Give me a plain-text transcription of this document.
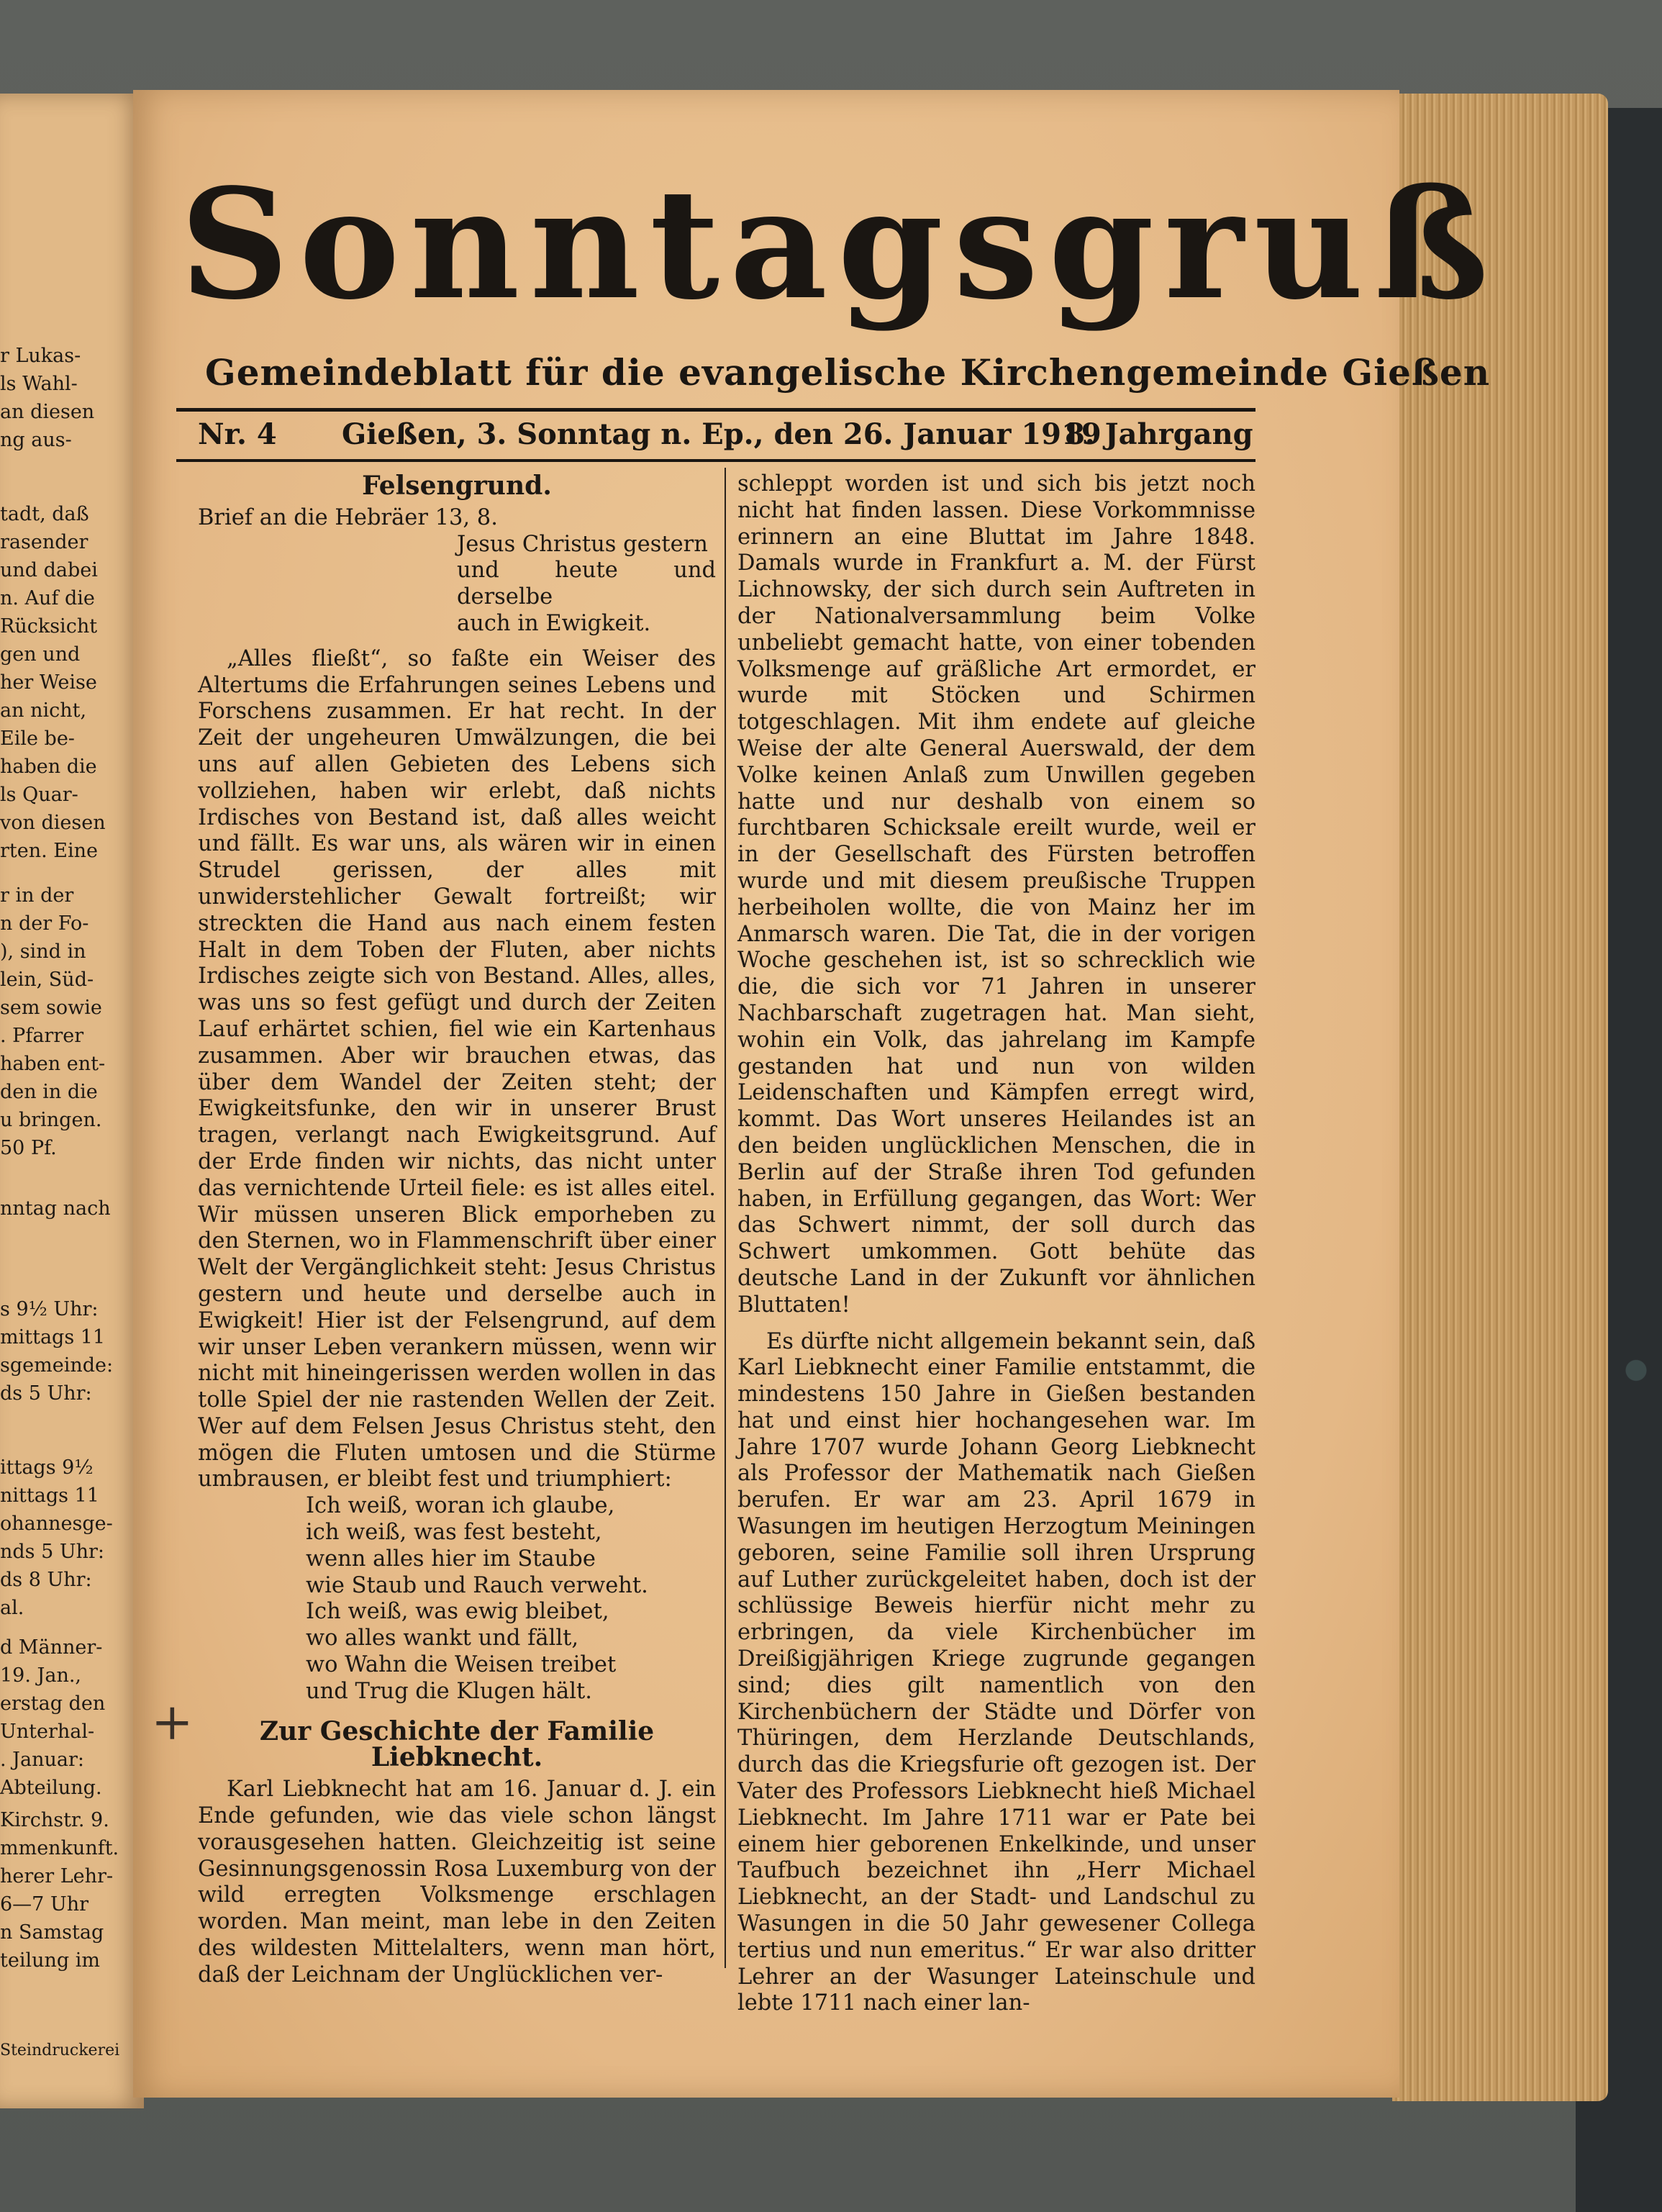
r Lukas-
ls Wahl-
an diesen
ng aus-
tadt, daß
rasender
und dabei
n. Auf die
Rücksicht
gen und
her Weise
an nicht,
Eile be-
haben die
ls Quar-
von diesen
rten. Eine
r in der
n der Fo-
), sind in
lein, Süd-
sem sowie
. Pfarrer
haben ent-
den in die
u bringen.
50 Pf.
nntag nach
s 9½ Uhr:
mittags 11
sgemeinde:
ds 5 Uhr:
ittags 9½
nittags 11
ohannesge-
nds 5 Uhr:
ds 8 Uhr:
al.
d Männer-
19. Jan.,
erstag den
Unterhal-
. Januar:
Abteilung.
Kirchstr. 9.
mmenkunft.
herer Lehr-
6—7 Uhr
n Samstag
teilung im
Steindruckerei
Sonntagsgruß
Gemeindeblatt für die evangelische Kirchengemeinde Gießen
Nr. 4 Gießen, 3. Sonntag n. Ep., den 26. Januar 1919
8. Jahrgang
Felsengrund.

Brief an die Hebräer 13, 8.

Jesus Christus gestern

und heute und derselbe

auch in Ewigkeit.

„Alles fließt“, so faßte ein Weiser des Altertums die Erfahrungen seines Lebens und Forschens zusammen. Er hat recht. In der Zeit der ungeheuren Umwälzungen, die bei uns auf allen Gebieten des Lebens sich vollziehen, haben wir erlebt, daß nichts Irdisches von Bestand ist, daß alles weicht und fällt. Es war uns, als wären wir in einen Strudel gerissen, der alles mit unwiderstehlicher Gewalt fortreißt; wir streckten die Hand aus nach einem festen Halt in dem Toben der Fluten, aber nichts Irdisches zeigte sich von Bestand. Alles, alles, was uns so fest gefügt und durch der Zeiten Lauf erhärtet schien, fiel wie ein Kartenhaus zusammen. Aber wir brauchen etwas, das über dem Wandel der Zeiten steht; der Ewigkeitsfunke, den wir in unserer Brust tragen, verlangt nach Ewigkeitsgrund. Auf der Erde finden wir nichts, das nicht unter das vernichtende Urteil fiele: es ist alles eitel. Wir müssen unseren Blick emporheben zu den Sternen, wo in Flammenschrift über einer Welt der Vergänglichkeit steht: Jesus Christus gestern und heute und derselbe auch in Ewigkeit! Hier ist der Felsengrund, auf dem wir unser Leben verankern müssen, wenn wir nicht mit hineingerissen werden wollen in das tolle Spiel der nie rastenden Wellen der Zeit. Wer auf dem Felsen Jesus Christus steht, den mögen die Fluten umtosen und die Stürme umbrausen, er bleibt fest und triumphiert:

Ich weiß, woran ich glaube,

ich weiß, was fest besteht,

wenn alles hier im Staube

wie Staub und Rauch verweht.

Ich weiß, was ewig bleibet,

wo alles wankt und fällt,

wo Wahn die Weisen treibet

und Trug die Klugen hält.

Zur Geschichte der Familie Liebknecht.

Karl Liebknecht hat am 16. Januar d. J. ein Ende gefunden, wie das viele schon längst vorausgesehen hatten. Gleichzeitig ist seine Gesinnungsgenossin Rosa Luxemburg von der wild erregten Volksmenge erschlagen worden. Man meint, man lebe in den Zeiten des wildesten Mittelalters, wenn man hört, daß der Leichnam der Unglücklichen ver-

+

schleppt worden ist und sich bis jetzt noch nicht hat finden lassen. Diese Vorkommnisse erinnern an eine Bluttat im Jahre 1848. Damals wurde in Frankfurt a. M. der Fürst Lichnowsky, der sich durch sein Auftreten in der Nationalversammlung beim Volke unbeliebt gemacht hatte, von einer tobenden Volksmenge auf gräßliche Art ermordet, er wurde mit Stöcken und Schirmen totgeschlagen. Mit ihm endete auf gleiche Weise der alte General Auerswald, der dem Volke keinen Anlaß zum Unwillen gegeben hatte und nur deshalb von einem so furchtbaren Schicksale ereilt wurde, weil er in der Gesellschaft des Fürsten betroffen wurde und mit diesem preußische Truppen herbeiholen wollte, die von Mainz her im Anmarsch waren. Die Tat, die in der vorigen Woche geschehen ist, ist so schrecklich wie die, die sich vor 71 Jahren in unserer Nachbarschaft zugetragen hat. Man sieht, wohin ein Volk, das jahrelang im Kampfe gestanden hat und nun von wilden Leidenschaften und Kämpfen erregt wird, kommt. Das Wort unseres Heilandes ist an den beiden unglücklichen Menschen, die in Berlin auf der Straße ihren Tod gefunden haben, in Erfüllung gegangen, das Wort: Wer das Schwert nimmt, der soll durch das Schwert umkommen. Gott behüte das deutsche Land in der Zukunft vor ähnlichen Bluttaten!

Es dürfte nicht allgemein bekannt sein, daß Karl Liebknecht einer Familie entstammt, die mindestens 150 Jahre in Gießen bestanden hat und einst hier hochangesehen war. Im Jahre 1707 wurde Johann Georg Liebknecht als Professor der Mathematik nach Gießen berufen. Er war am 23. April 1679 in Wasungen im heutigen Herzogtum Meiningen geboren, seine Familie soll ihren Ursprung auf Luther zurückgeleitet haben, doch ist der schlüssige Beweis hierfür nicht mehr zu erbringen, da viele Kirchenbücher im Dreißigjährigen Kriege zugrunde gegangen sind; dies gilt namentlich von den Kirchenbüchern der Städte und Dörfer von Thüringen, dem Herzlande Deutschlands, durch das die Kriegsfurie oft gezogen ist. Der Vater des Professors Liebknecht hieß Michael Liebknecht. Im Jahre 1711 war er Pate bei einem hier geborenen Enkelkinde, und unser Taufbuch bezeichnet ihn „Herr Michael Liebknecht, an der Stadt- und Landschul zu Wasungen in die 50 Jahr gewesener Collega tertius und nun emeritus.“ Er war also dritter Lehrer an der Wasunger Lateinschule und lebte 1711 nach einer lan-
